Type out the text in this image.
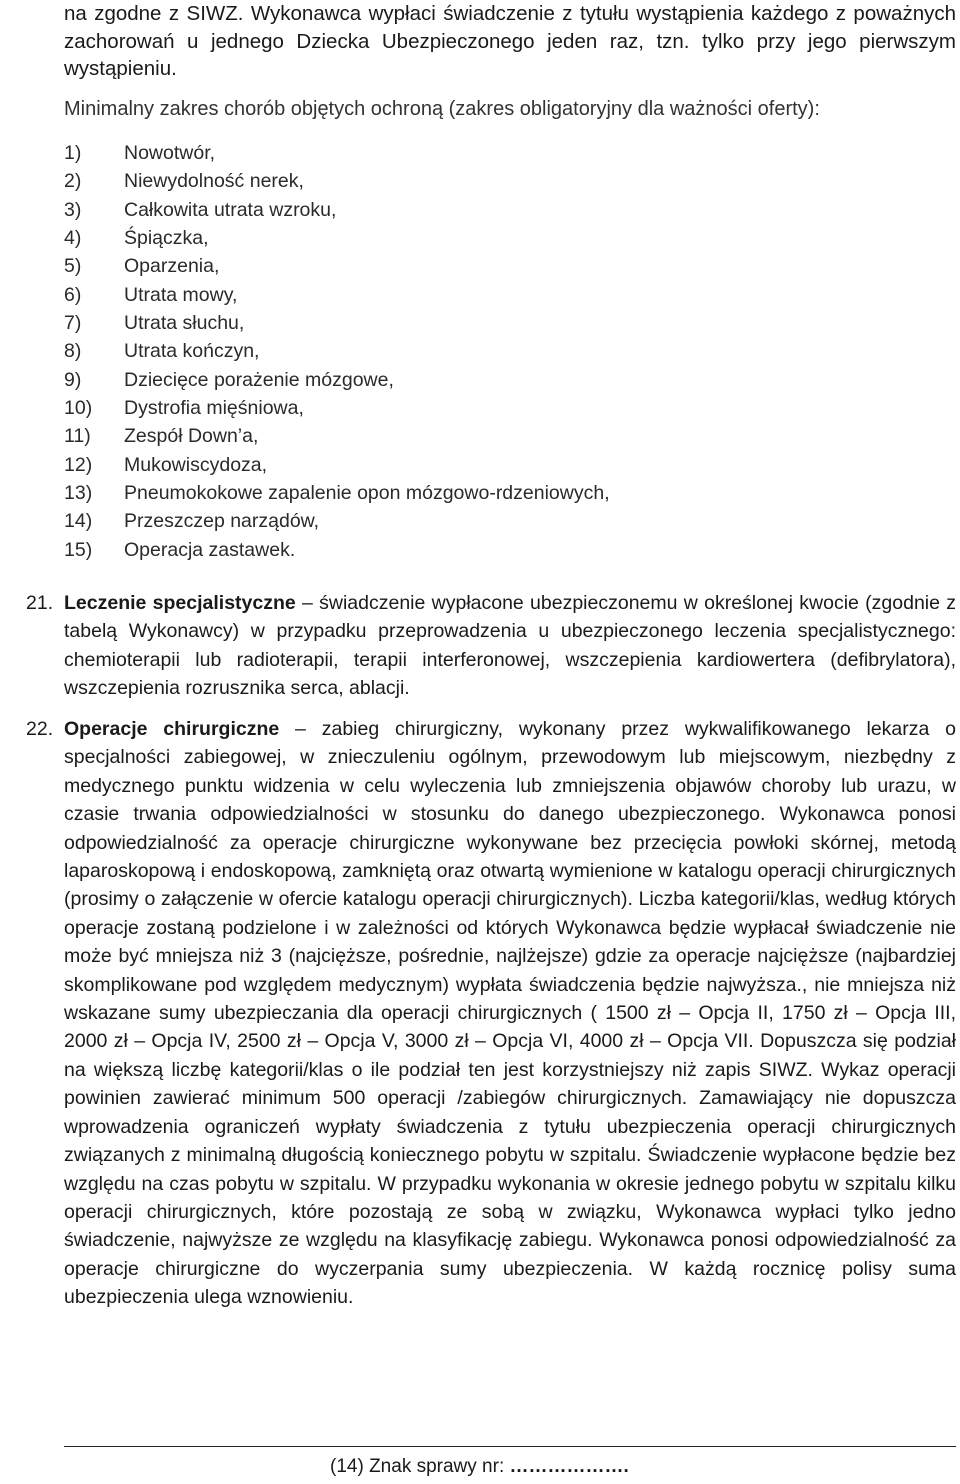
na zgodne z SIWZ. Wykonawca wypłaci świadczenie z tytułu wystąpienia każdego z poważnych
zachorowań u jednego Dziecka Ubezpieczonego jeden raz, tzn. tylko przy jego pierwszym
wystąpieniu.

Minimalny zakres chorób objętych ochroną (zakres obligatoryjny dla ważności oferty):

1)	Nowotwór,
2)	Niewydolność nerek,
3)	Całkowita utrata wzroku,
4)	Śpiączka,
5)	Oparzenia,
6)	Utrata mowy,
7)	Utrata słuchu,
8)	Utrata kończyn,
9)	Dziecięce porażenie mózgowe,
10)	Dystrofia mięśniowa,
11)	Zespół Down’a,
12)	Mukowiscydoza,
13)	Pneumokokowe zapalenie opon mózgowo-rdzeniowych,
14)	Przeszczep narządów,
15)	Operacja zastawek.
21. Leczenie specjalistyczne – świadczenie wypłacone ubezpieczonemu w określonej kwocie (zgodnie z tabelą Wykonawcy) w przypadku przeprowadzenia u ubezpieczonego leczenia specjalistycznego: chemioterapii lub radioterapii, terapii interferonowej, wszczepienia kardiowertera (defibrylatora), wszczepienia rozrusznika serca, ablacji.
22. Operacje chirurgiczne – zabieg chirurgiczny, wykonany przez wykwalifikowanego lekarza o specjalności zabiegowej, w znieczuleniu ogólnym, przewodowym lub miejscowym, niezbędny z medycznego punktu widzenia w celu wyleczenia lub zmniejszenia objawów choroby lub urazu, w czasie trwania odpowiedzialności w stosunku do danego ubezpieczonego. Wykonawca ponosi odpowiedzialność za operacje chirurgiczne wykonywane bez przecięcia powłoki skórnej, metodą laparoskopową i endoskopową, zamkniętą oraz otwartą wymienione w katalogu operacji chirurgicznych (prosimy o załączenie w ofercie katalogu operacji chirurgicznych). Liczba kategorii/klas, według których operacje zostaną podzielone i w zależności od których Wykonawca będzie wypłacał świadczenie nie może być mniejsza niż 3 (najcięższe, pośrednie, najlżejsze) gdzie za operacje najcięższe (najbardziej skomplikowane pod względem medycznym) wypłata świadczenia będzie najwyższa., nie mniejsza niż wskazane sumy ubezpieczania dla operacji chirurgicznych ( 1500 zł – Opcja II, 1750 zł – Opcja III, 2000 zł – Opcja IV, 2500 zł – Opcja V, 3000 zł – Opcja VI, 4000 zł – Opcja VII. Dopuszcza się podział na większą liczbę kategorii/klas o ile podział ten jest korzystniejszy niż zapis SIWZ. Wykaz operacji powinien zawierać minimum 500 operacji /zabiegów chirurgicznych. Zamawiający nie dopuszcza wprowadzenia ograniczeń wypłaty świadczenia z tytułu ubezpieczenia operacji chirurgicznych związanych z minimalną długością koniecznego pobytu w szpitalu. Świadczenie wypłacone będzie bez względu na czas pobytu w szpitalu. W przypadku wykonania w okresie jednego pobytu w szpitalu kilku operacji chirurgicznych, które pozostają ze sobą w związku, Wykonawca wypłaci tylko jedno świadczenie, najwyższe ze względu na klasyfikację zabiegu. Wykonawca ponosi odpowiedzialność za operacje chirurgiczne do wyczerpania sumy ubezpieczenia. W każdą rocznicę polisy suma ubezpieczenia ulega wznowieniu.
(14) Znak sprawy nr: ……………….
